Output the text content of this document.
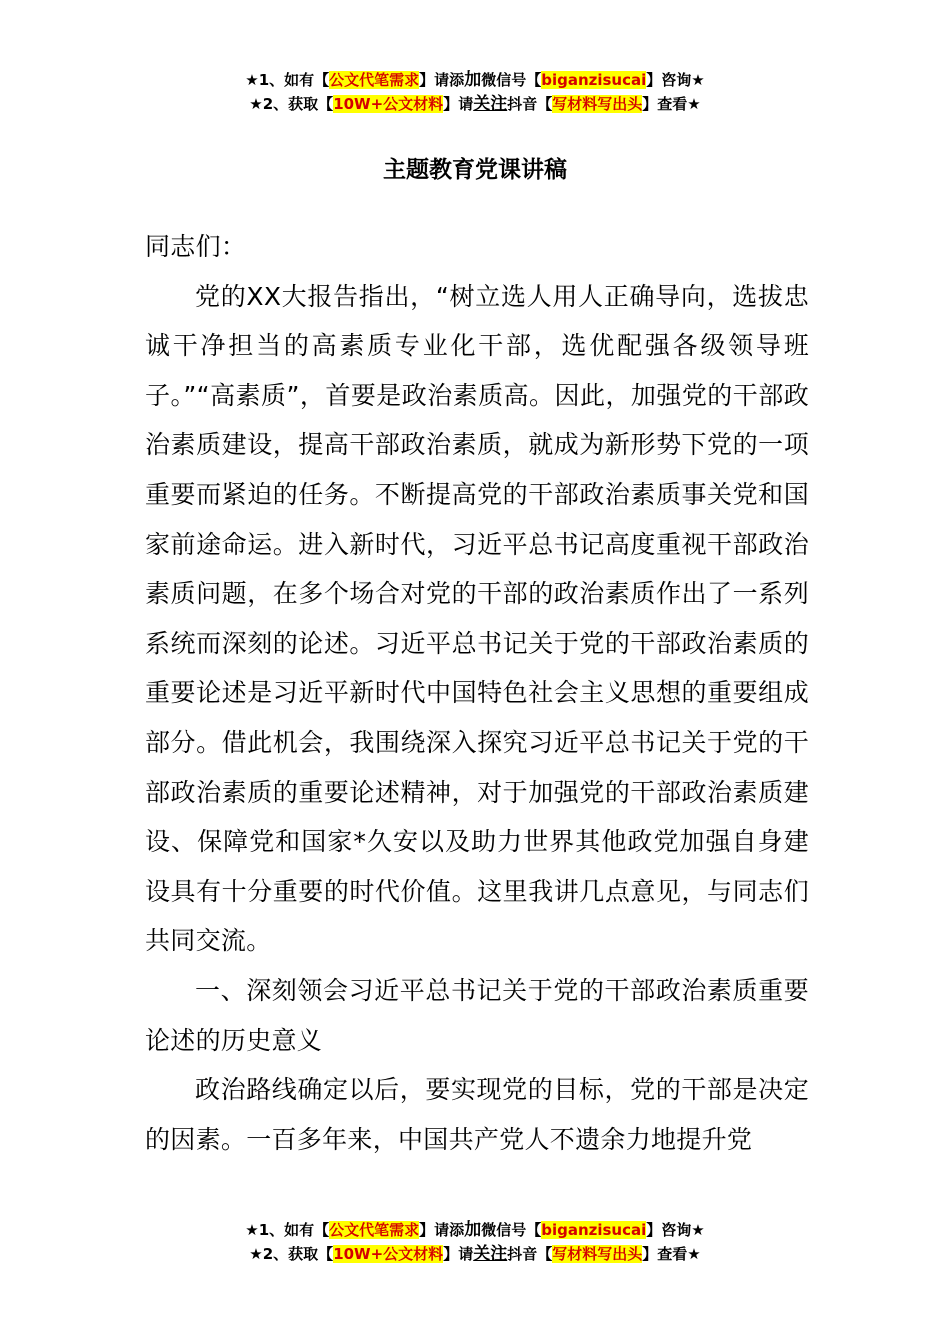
★1、如有【公文代笔需求】请添加微信号【biganzisucai】咨询★
★2、获取【10W+公文材料】请关注抖音【写材料写出头】查看★
主题教育党课讲稿

同志们：

党的XX大报告指出，“树立选人用人正确导向，选拔忠诚干净担当的高素质专业化干部，选优配强各级领导班子。”“高素质”，首要是政治素质高。因此，加强党的干部政治素质建设，提高干部政治素质，就成为新形势下党的一项重要而紧迫的任务。不断提高党的干部政治素质事关党和国家前途命运。进入新时代，习近平总书记高度重视干部政治素质问题，在多个场合对党的干部的政治素质作出了一系列系统而深刻的论述。习近平总书记关于党的干部政治素质的重要论述是习近平新时代中国特色社会主义思想的重要组成部分。借此机会，我围绕深入探究习近平总书记关于党的干部政治素质的重要论述精神，对于加强党的干部政治素质建设、保障党和国家*久安以及助力世界其他政党加强自身建设具有十分重要的时代价值。这里我讲几点意见，与同志们共同交流。

一、深刻领会习近平总书记关于党的干部政治素质重要论述的历史意义

政治路线确定以后，要实现党的目标，党的干部是决定的因素。一百多年来，中国共产党人不遗余力地提升党

★1、如有【公文代笔需求】请添加微信号【biganzisucai】咨询★
★2、获取【10W+公文材料】请关注抖音【写材料写出头】查看★
